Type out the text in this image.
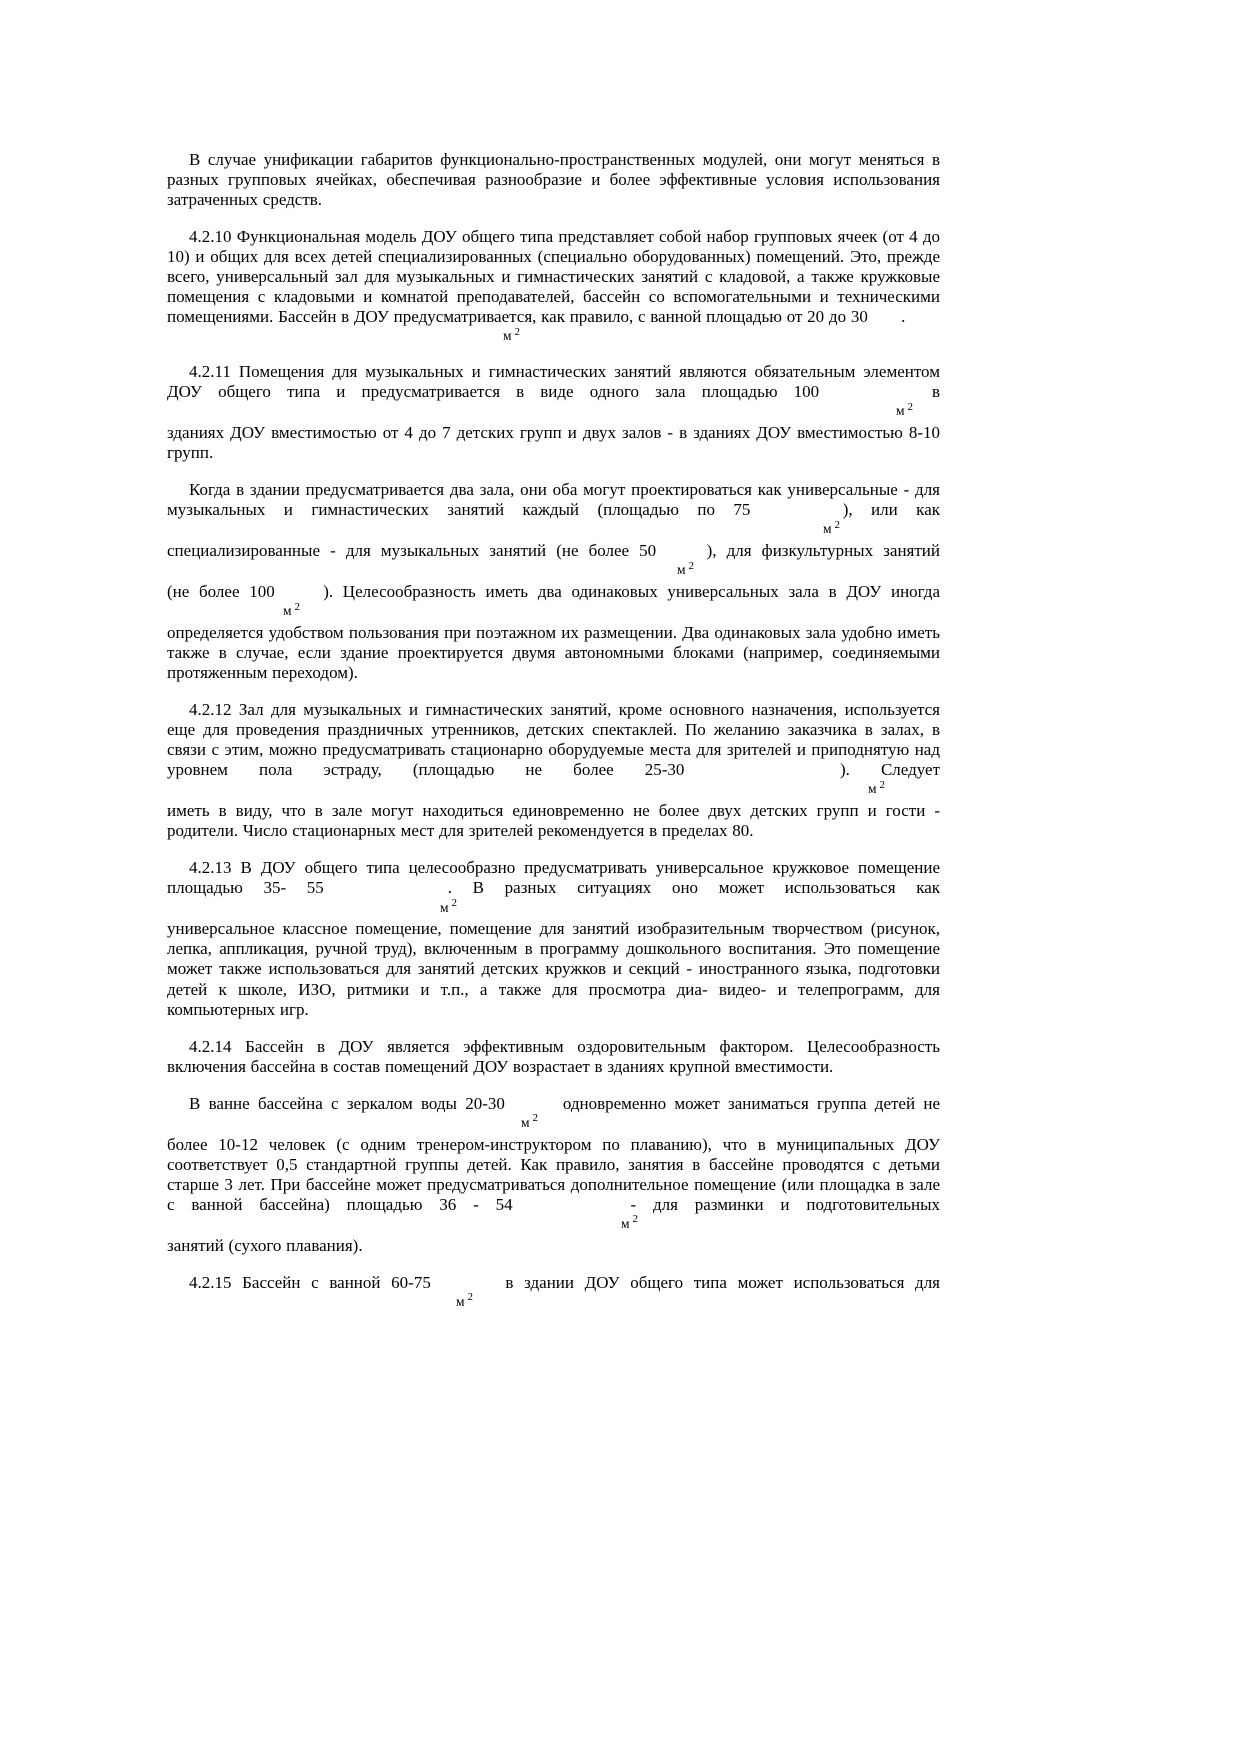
В случае унификации габаритов функционально-пространственных модулей, они могут меняться в разных групповых ячейках, обеспечивая разнообразие и более эффективные условия использования затраченных средств.

4.2.10 Функциональная модель ДОУ общего типа представляет собой набор групповых ячеек (от 4 до 10) и общих для всех детей специализированных (специально оборудованных) помещений. Это, прежде всего, универсальный зал для музыкальных и гимнастических занятий с кладовой, а также кружковые помещения с кладовыми и комнатой преподавателей, бассейн со вспомогательными и техническими помещениями. Бассейн в ДОУ предусматривается, как правило, с ванной площадью от 20 до 30       .

м $^2$

4.2.11 Помещения для музыкальных и гимнастических занятий являются обязательным элементом ДОУ общего типа и предусматривается в виде одного зала площадью 100       в

м $^2$

зданиях ДОУ вместимостью от 4 до 7 детских групп и двух залов - в зданиях ДОУ вместимостью 8-10 групп.

Когда в здании предусматривается два зала, они оба могут проектироваться как универсальные - для музыкальных и гимнастических занятий каждый (площадью по 75     ), или как

м $^2$

специализированные - для музыкальных занятий (не более 50     ), для физкультурных занятий

м $^2$

(не более 100     ). Целесообразность иметь два одинаковых универсальных зала в ДОУ иногда

м $^2$

определяется удобством пользования при поэтажном их размещении. Два одинаковых зала удобно иметь также в случае, если здание проектируется двумя автономными блоками (например, соединяемыми протяженным переходом).

4.2.12 Зал для музыкальных и гимнастических занятий, кроме основного назначения, используется еще для проведения праздничных утренников, детских спектаклей. По желанию заказчика в залах, в связи с этим, можно предусматривать стационарно оборудуемые места для зрителей и приподнятую над уровнем пола эстраду, (площадью не более 25-30     ). Следует

м $^2$

иметь в виду, что в зале могут находиться единовременно не более двух детских групп и гости - родители. Число стационарных мест для зрителей рекомендуется в пределах 80.

4.2.13 В ДОУ общего типа целесообразно предусматривать универсальное кружковое помещение площадью 35- 55      . В разных ситуациях оно может использоваться как

м $^2$

универсальное классное помещение, помещение для занятий изобразительным творчеством (рисунок, лепка, аппликация, ручной труд), включенным в программу дошкольного воспитания. Это помещение может также использоваться для занятий детских кружков и секций - иностранного языка, подготовки детей к школе, ИЗО, ритмики и т.п., а также для просмотра диа- видео- и телепрограмм, для компьютерных игр.

4.2.14 Бассейн в ДОУ является эффективным оздоровительным фактором. Целесообразность включения бассейна в состав помещений ДОУ возрастает в зданиях крупной вместимости.

В ванне бассейна с зеркалом воды 20-30       одновременно может заниматься группа детей не

м $^2$

более 10-12 человек (с одним тренером-инструктором по плаванию), что в муниципальных ДОУ соответствует 0,5 стандартной группы детей. Как правило, занятия в бассейне проводятся с детьми старше 3 лет. При бассейне может предусматриваться дополнительное помещение (или площадка в зале с ванной бассейна) площадью 36 - 54       - для разминки и подготовительных

м $^2$

занятий (сухого плавания).

4.2.15 Бассейн с ванной 60-75       в здании ДОУ общего типа может использоваться для

м $^2$
